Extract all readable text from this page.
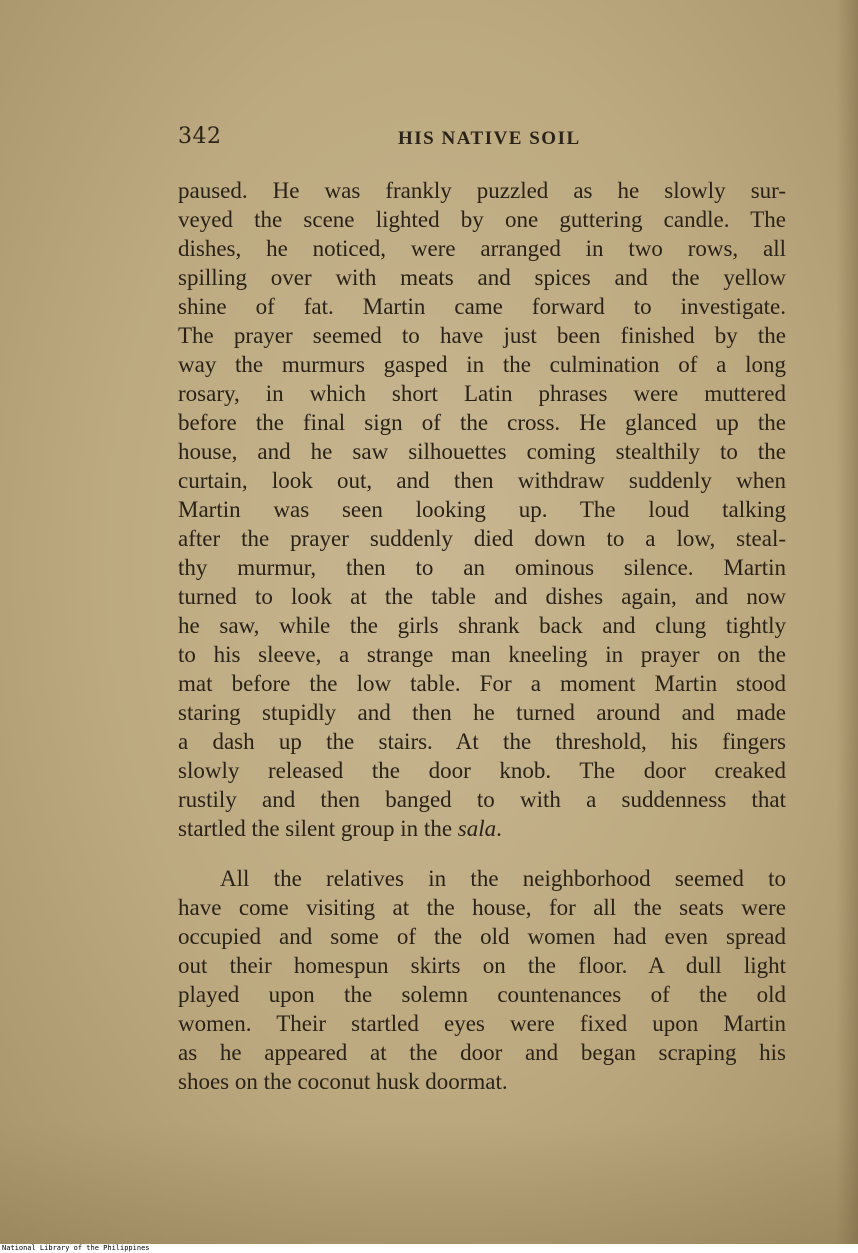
342	HIS NATIVE SOIL
paused. He was frankly puzzled as he slowly sur-
veyed the scene lighted by one guttering candle. The
dishes, he noticed, were arranged in two rows, all
spilling over with meats and spices and the yellow
shine of fat. Martin came forward to investigate.
The prayer seemed to have just been finished by the
way the murmurs gasped in the culmination of a long
rosary, in which short Latin phrases were muttered
before the final sign of the cross. He glanced up the
house, and he saw silhouettes coming stealthily to the
curtain, look out, and then withdraw suddenly when
Martin was seen looking up. The loud talking
after the prayer suddenly died down to a low, steal-
thy murmur, then to an ominous silence. Martin
turned to look at the table and dishes again, and now
he saw, while the girls shrank back and clung tightly
to his sleeve, a strange man kneeling in prayer on the
mat before the low table. For a moment Martin stood
staring stupidly and then he turned around and made
a dash up the stairs. At the threshold, his fingers
slowly released the door knob. The door creaked
rustily and then banged to with a suddenness that
startled the silent group in the sala.
All the relatives in the neighborhood seemed to
have come visiting at the house, for all the seats were
occupied and some of the old women had even spread
out their homespun skirts on the floor. A dull light
played upon the solemn countenances of the old
women. Their startled eyes were fixed upon Martin
as he appeared at the door and began scraping his
shoes on the coconut husk doormat.
National Library of the Philippines
